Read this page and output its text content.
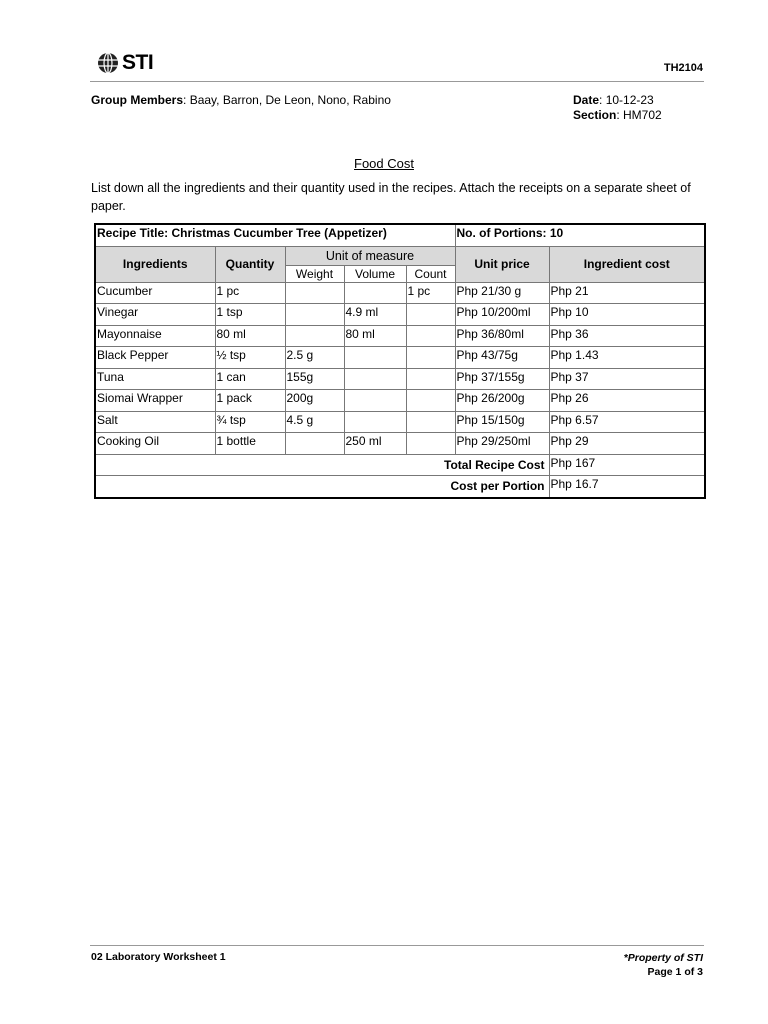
STI	TH2104
Group Members: Baay, Barron, De Leon, Nono, Rabino	Date: 10-12-23
Section: HM702
Food Cost
List down all the ingredients and their quantity used in the recipes. Attach the receipts on a separate sheet of paper.
Recipe Title: Christmas Cucumber Tree (Appetizer)					No. of Portions: 10	
Ingredients	Quantity	Unit of measure			Unit price	Ingredient cost
		Weight	Volume	Count		
Cucumber	1 pc			1 pc	Php 21/30 g	Php 21
Vinegar	1 tsp		4.9 ml		Php 10/200ml	Php 10
Mayonnaise	80 ml		80 ml		Php 36/80ml	Php 36
Black Pepper	½ tsp	2.5 g			Php 43/75g	Php 1.43
Tuna	1 can	155g			Php 37/155g	Php 37
Siomai Wrapper	1 pack	200g			Php 26/200g	Php 26
Salt	¾ tsp	4.5 g			Php 15/150g	Php 6.57
Cooking Oil	1 bottle		250 ml		Php 29/250ml	Php 29
Total Recipe Cost						Php 167
Cost per Portion						Php 16.7
02 Laboratory Worksheet 1	*Property of STI
Page 1 of 3
